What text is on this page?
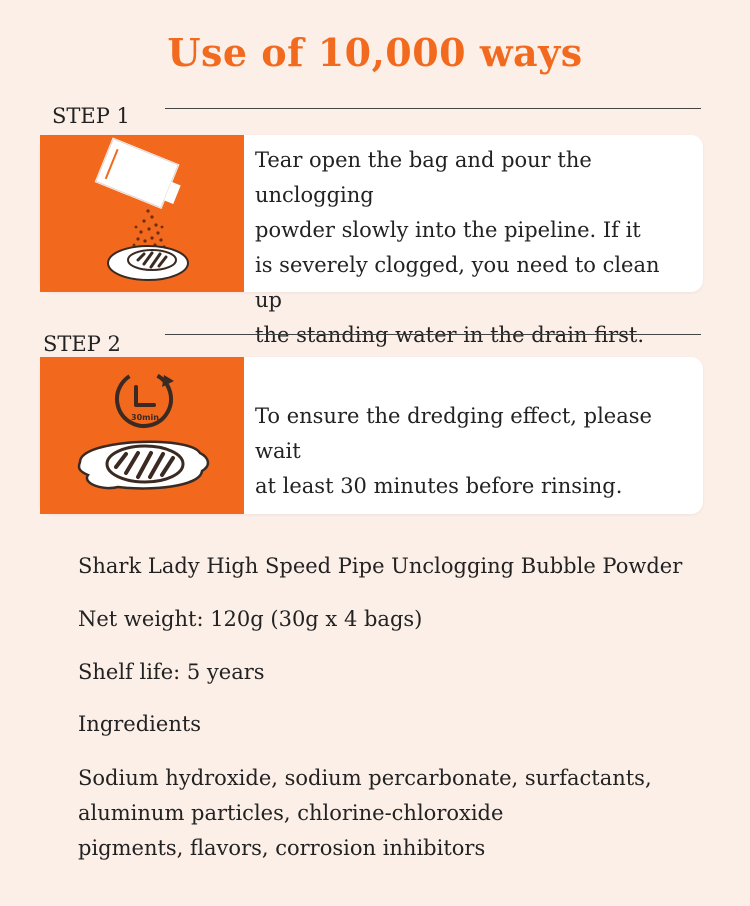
Use of 10,000 ways
STEP 1
Tear open the bag and pour the unclogging
powder slowly into the pipeline. If it
is severely clogged, you need to clean up
the standing water in the drain first.
STEP 2
30min	To ensure the dredging effect, please wait
at least 30 minutes before rinsing.
Shark Lady High Speed Pipe Unclogging Bubble Powder
Net weight: 120g (30g x 4 bags)
Shelf life: 5 years
Ingredients
Sodium hydroxide, sodium percarbonate, surfactants,
aluminum particles, chlorine-chloroxide
pigments, flavors, corrosion inhibitors
